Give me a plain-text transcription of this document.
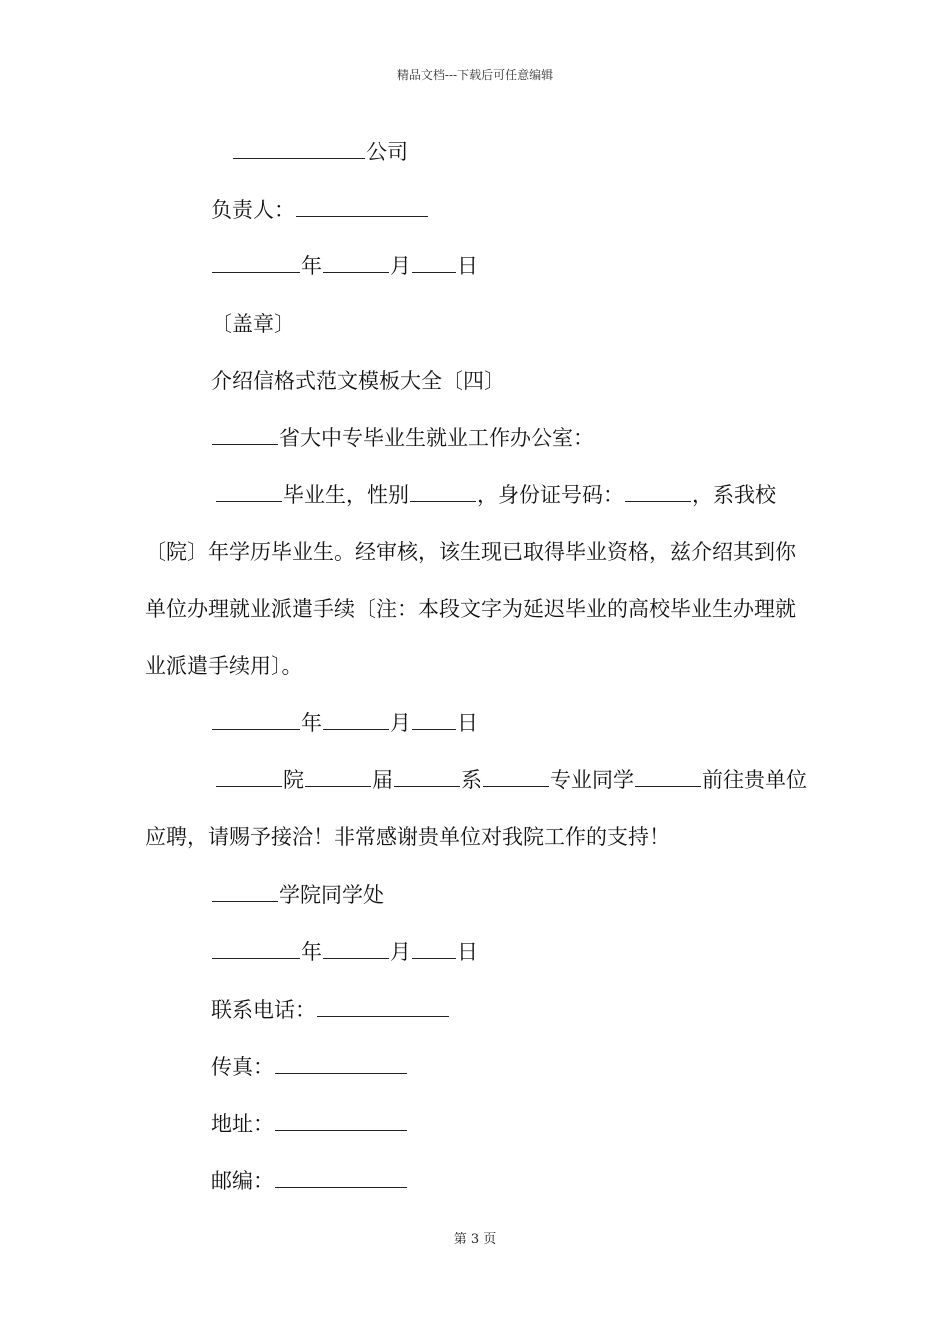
精品文档---下载后可任意编辑
公司
负责人：
年	月 日
〔盖章〕
介绍信格式范文模板大全〔四〕
省大中专毕业生就业工作办公室：
毕业生，性别	，身份证号码：	，系我校〔院〕年学历毕业生。经审核，该生现已取得毕业资格，兹介绍其到你单位办理就业派遣手续〔注：本段文字为延迟毕业的高校毕业生办理就业派遣手续用〕。
年	月 日
院	届	系	专业同学	前往贵单位应聘，请赐予接洽！非常感谢贵单位对我院工作的支持！
学院同学处
年	月 日
联系电话：
传真：
地址：
邮编：
第 3 页
